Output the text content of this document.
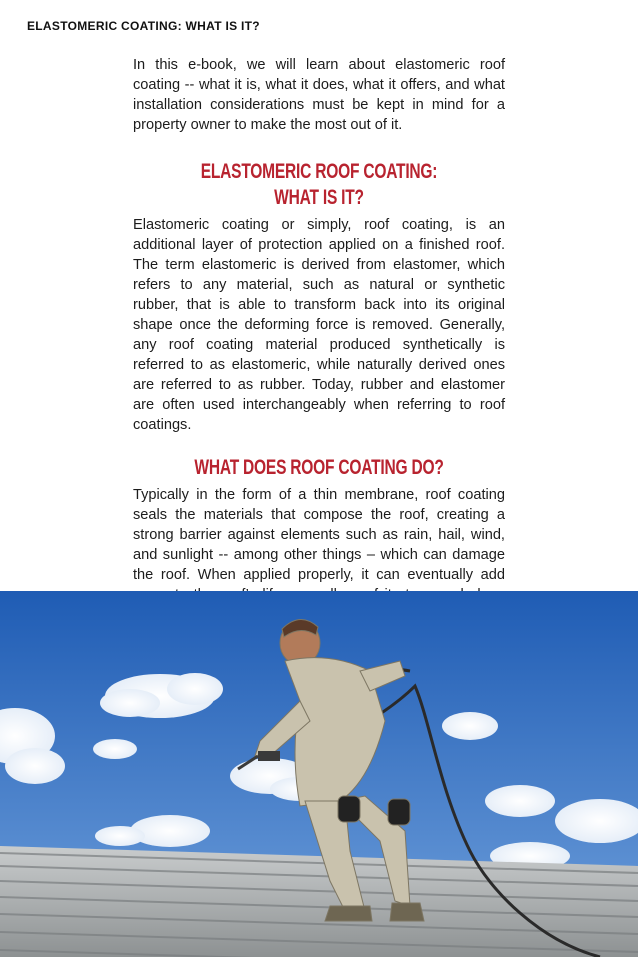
ELASTOMERIC COATING: WHAT IS IT?

In this e-book, we will learn about elastomeric roof coating -- what it is, what it does, what it offers, and what installation considerations must be kept in mind for a property owner to make the most out of it.

ELASTOMERIC ROOF COATING: WHAT IS IT?

Elastomeric coating or simply, roof coating, is an additional layer of protection applied on a finished roof. The term elastomeric is derived from elastomer, which refers to any material, such as natural or synthetic rubber, that is able to transform back into its original shape once the deforming force is removed. Generally, any roof coating material produced synthetically is referred to as elastomeric, while naturally derived ones are referred to as rubber. Today, rubber and elastomer are often used interchangeably when referring to roof coatings.

WHAT DOES ROOF COATING DO?

Typically in the form of a thin membrane, roof coating seals the materials that compose the roof, creating a strong barrier against elements such as rain, hail, wind, and sunlight -- among other things – which can damage the roof. When applied properly, it can eventually add
